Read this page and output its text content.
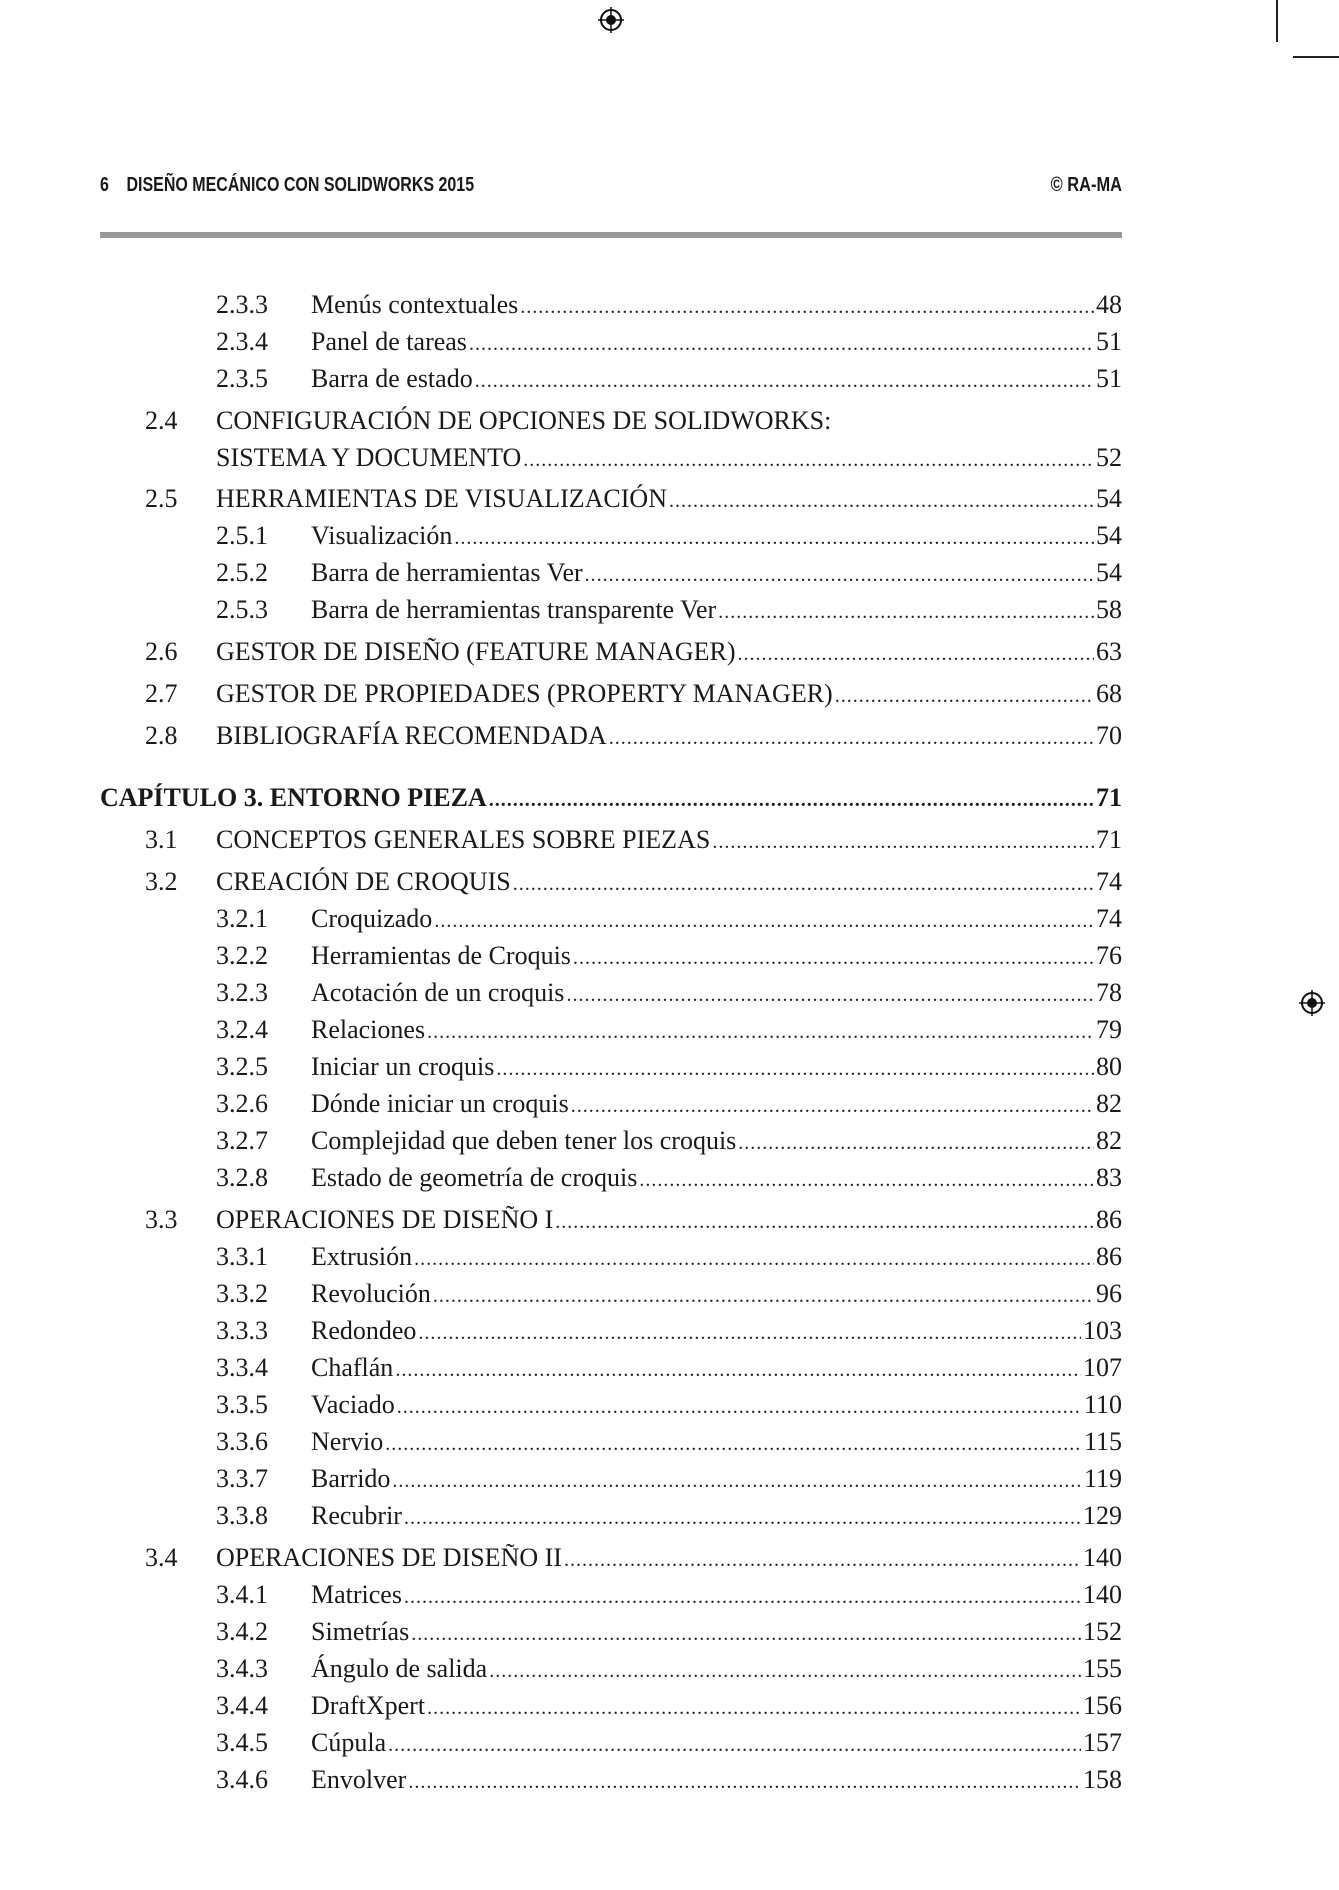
6 DISEÑO MECÁNICO CON SOLIDWORKS 2015	© RA-MA
2.3.3	Menús contextuales .....	48
2.3.4	Panel de tareas .....	51
2.3.5	Barra de estado .....	51
2.4	CONFIGURACIÓN DE OPCIONES DE SOLIDWORKS:
SISTEMA Y DOCUMENTO .....	52
2.5	HERRAMIENTAS DE VISUALIZACIÓN .....	54
2.5.1	Visualización .....	54
2.5.2	Barra de herramientas Ver .....	54
2.5.3	Barra de herramientas transparente Ver .....	58
2.6	GESTOR DE DISEÑO (FEATURE MANAGER) .....	63
2.7	GESTOR DE PROPIEDADES (PROPERTY MANAGER) .....	68
2.8	BIBLIOGRAFÍA RECOMENDADA .....	70
CAPÍTULO 3. ENTORNO PIEZA .....	71
3.1	CONCEPTOS GENERALES SOBRE PIEZAS .....	71
3.2	CREACIÓN DE CROQUIS .....	74
3.2.1	Croquizado .....	74
3.2.2	Herramientas de Croquis .....	76
3.2.3	Acotación de un croquis .....	78
3.2.4	Relaciones .....	79
3.2.5	Iniciar un croquis .....	80
3.2.6	Dónde iniciar un croquis .....	82
3.2.7	Complejidad que deben tener los croquis .....	82
3.2.8	Estado de geometría de croquis .....	83
3.3	OPERACIONES DE DISEÑO I .....	86
3.3.1	Extrusión .....	86
3.3.2	Revolución .....	96
3.3.3	Redondeo .....	103
3.3.4	Chaflán .....	107
3.3.5	Vaciado .....	110
3.3.6	Nervio .....	115
3.3.7	Barrido .....	119
3.3.8	Recubrir .....	129
3.4	OPERACIONES DE DISEÑO II .....	140
3.4.1	Matrices .....	140
3.4.2	Simetrías .....	152
3.4.3	Ángulo de salida .....	155
3.4.4	DraftXpert .....	156
3.4.5	Cúpula .....	157
3.4.6	Envolver .....	158
